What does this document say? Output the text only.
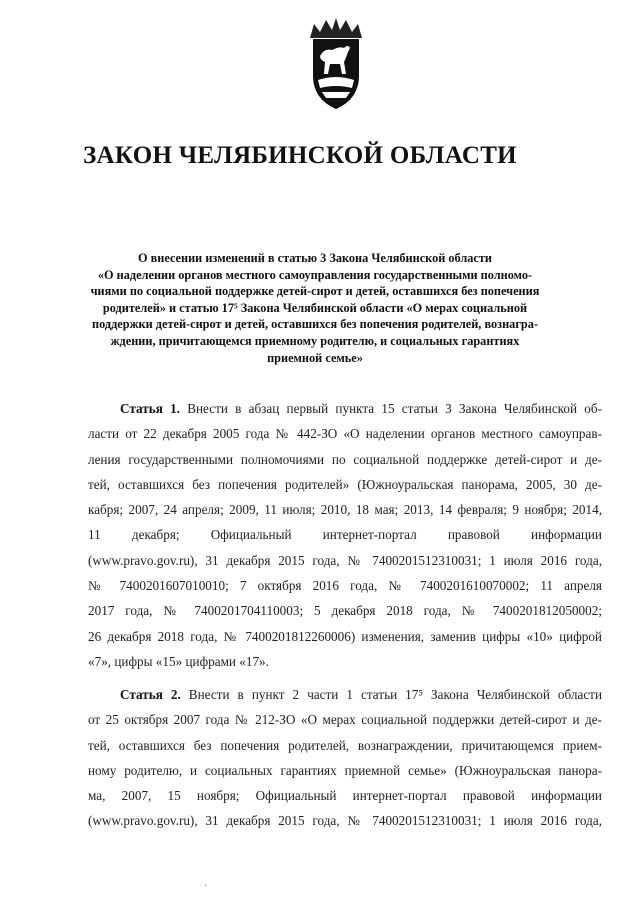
ЗАКОН ЧЕЛЯБИНСКОЙ ОБЛАСТИ
О внесении изменений в статью 3 Закона Челябинской области
«О наделении органов местного самоуправления государственными полномо-
чиями по социальной поддержке детей-сирот и детей, оставшихся без попечения
родителей» и статью 17⁵ Закона Челябинской области «О мерах социальной
поддержки детей-сирот и детей, оставшихся без попечения родителей, вознагра-
ждении, причитающемся приемному родителю, и социальных гарантиях
приемной семье»
Статья 1. Внести в абзац первый пункта 15 статьи 3 Закона Челябинской об-
ласти от 22 декабря 2005 года № 442-ЗО «О наделении органов местного самоуправ-
ления государственными полномочиями по социальной поддержке детей-сирот и де-
тей, оставшихся без попечения родителей» (Южноуральская панорама, 2005, 30 де-
кабря; 2007, 24 апреля; 2009, 11 июля; 2010, 18 мая; 2013, 14 февраля; 9 ноября; 2014,
11 декабря; Официальный интернет-портал правовой информации
(www.pravo.gov.ru), 31 декабря 2015 года, № 7400201512310031; 1 июля 2016 года,
№ 7400201607010010; 7 октября 2016 года, № 7400201610070002; 11 апреля
2017 года, № 7400201704110003; 5 декабря 2018 года, № 7400201812050002;
26 декабря 2018 года, № 7400201812260006) изменения, заменив цифры «10» цифрой
«7», цифры «15» цифрами «17».
Статья 2. Внести в пункт 2 части 1 статьи 17⁵ Закона Челябинской области
от 25 октября 2007 года № 212-ЗО «О мерах социальной поддержки детей-сирот и де-
тей, оставшихся без попечения родителей, вознаграждении, причитающемся прием-
ному родителю, и социальных гарантиях приемной семье» (Южноуральская панора-
ма, 2007, 15 ноября; Официальный интернет-портал правовой информации
(www.pravo.gov.ru), 31 декабря 2015 года, № 7400201512310031; 1 июля 2016 года,
